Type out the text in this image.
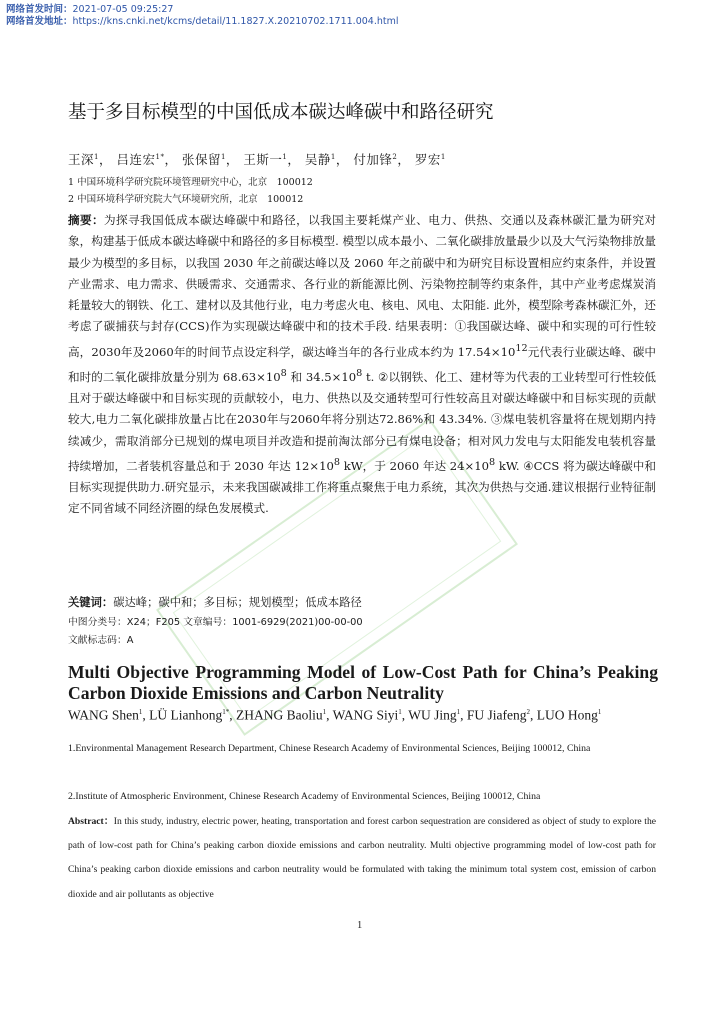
网络首发时间：2021-07-05 09:25:27
网络首发地址：https://kns.cnki.net/kcms/detail/11.1827.X.20210702.1711.004.html
基于多目标模型的中国低成本碳达峰碳中和路径研究
王深$^1$， 吕连宏$^{1*}$， 张保留$^1$， 王斯一$^1$， 吴静$^1$， 付加锋$^2$， 罗宏$^1$
1 中国环境科学研究院环境管理研究中心，北京　100012
2 中国环境科学研究院大气环境研究所，北京　100012
摘要：为探寻我国低成本碳达峰碳中和路径，以我国主要耗煤产业、电力、供热、交通以及森林碳汇量为研究对象，构建基于低成本碳达峰碳中和路径的多目标模型. 模型以成本最小、二氧化碳排放量最少以及大气污染物排放量最少为模型的多目标，以我国 2030 年之前碳达峰以及 2060 年之前碳中和为研究目标设置相应约束条件，并设置产业需求、电力需求、供暖需求、交通需求、各行业的新能源比例、污染物控制等约束条件，其中产业考虑煤炭消耗量较大的钢铁、化工、建材以及其他行业，电力考虑火电、核电、风电、太阳能. 此外，模型除考森林碳汇外，还考虑了碳捕获与封存(CCS)作为实现碳达峰碳中和的技术手段. 结果表明：①我国碳达峰、碳中和实现的可行性较高，2030年及2060年的时间节点设定科学，碳达峰当年的各行业成本约为 $17.54\times 10^{12}$元代表行业碳达峰、碳中和时的二氧化碳排放量分别为 $68.63\times 10^8$ 和 $34.5\times 10^8$ t. ②以钢铁、化工、建材等为代表的工业转型可行性较低且对于碳达峰碳中和目标实现的贡献较小，电力、供热以及交通转型可行性较高且对碳达峰碳中和目标实现的贡献较大,电力二氧化碳排放量占比在2030年与2060年将分别达72.86%和 43.34%. ③煤电装机容量将在规划期内持续减少，需取消部分已规划的煤电项目并改造和提前淘汰部分已有煤电设备；相对风力发电与太阳能发电装机容量持续增加，二者装机容量总和于 2030 年达 $12\times 10^8$ kW，于 2060 年达 $24\times 10^8$ kW. ④CCS 将为碳达峰碳中和目标实现提供助力.研究显示，未来我国碳减排工作将重点聚焦于电力系统，其次为供热与交通.建议根据行业特征制定不同省域不同经济圈的绿色发展模式.
关键词：碳达峰；碳中和；多目标；规划模型；低成本路径
中图分类号：X24；F205 文章编号：1001-6929(2021)00-00-00
文献标志码：A
Multi Objective Programming Model of Low-Cost Path for China’s Peaking Carbon Dioxide Emissions and Carbon Neutrality
WANG Shen$^1$, LÜ Lianhong$^{1*}$, ZHANG Baoliu$^1$, WANG Siyi$^1$, WU Jing$^1$, FU Jiafeng$^2$, LUO Hong$^1$
1.Environmental Management Research Department, Chinese Research Academy of Environmental Sciences, Beijing 100012, China
2.Institute of Atmospheric Environment, Chinese Research Academy of Environmental Sciences, Beijing 100012, China
Abstract：In this study, industry, electric power, heating, transportation and forest carbon sequestration are considered as object of study to explore the path of low-cost path for China’s peaking carbon dioxide emissions and carbon neutrality. Multi objective programming model of low-cost path for China’s peaking carbon dioxide emissions and carbon neutrality would be formulated with taking the minimum total system cost, emission of carbon dioxide and air pollutants as objective
1
